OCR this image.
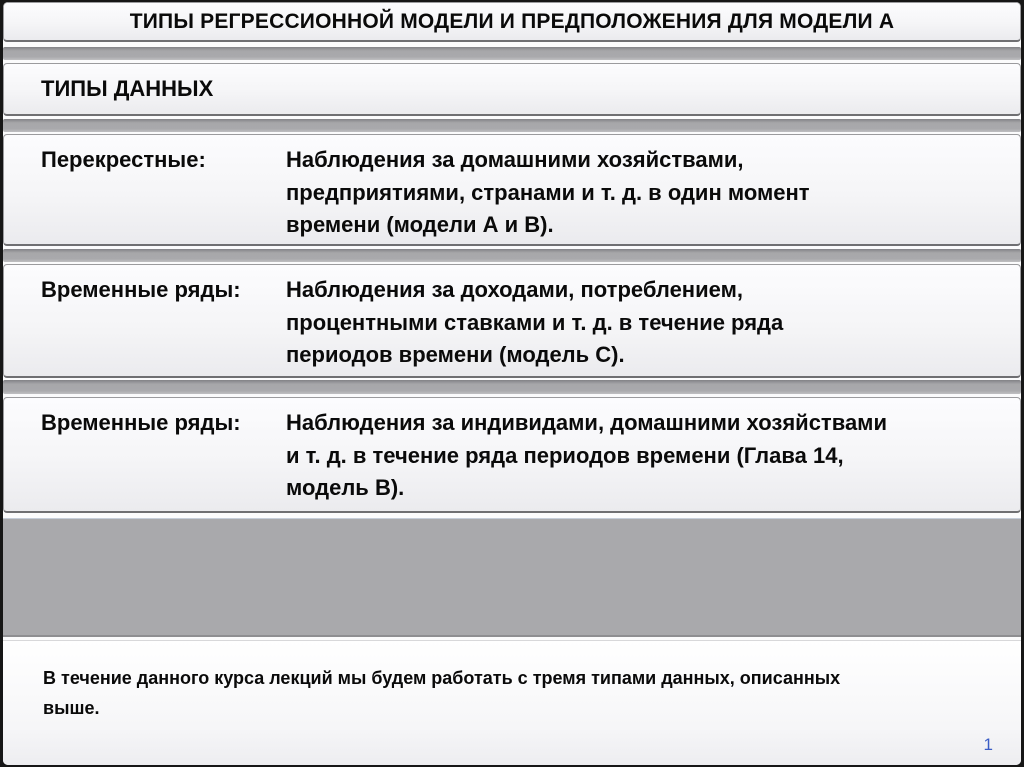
ТИПЫ РЕГРЕССИОННОЙ МОДЕЛИ И ПРЕДПОЛОЖЕНИЯ ДЛЯ МОДЕЛИ А
ТИПЫ ДАННЫХ
Перекрестные:	Наблюдения за домашними хозяйствами,
предприятиями, странами и т. д. в один момент
времени (модели А и В).
Временные ряды:	Наблюдения за доходами, потреблением,
процентными ставками и т. д. в течение ряда
периодов времени (модель С).
Временные ряды:	Наблюдения за индивидами, домашними хозяйствами
и т. д. в течение ряда периодов времени (Глава 14,
модель В).
В течение данного курса лекций мы будем работать с тремя типами данных, описанных
выше.
1
